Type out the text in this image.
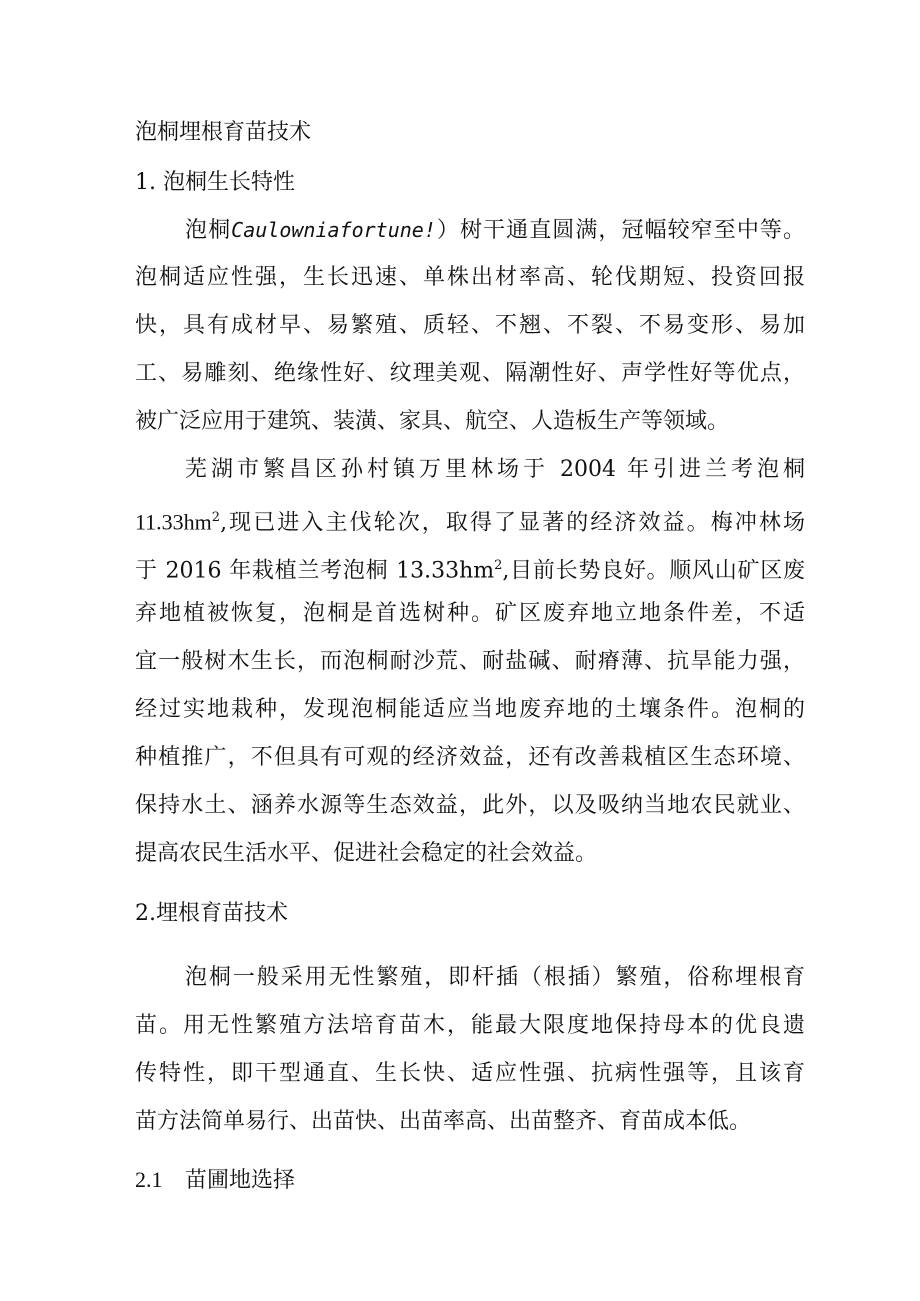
泡桐埋根育苗技术
1. 泡桐生长特性
泡桐Caulowniafortune!）树干通直圆满，冠幅较窄至中等。
泡桐适应性强，生长迅速、单株出材率高、轮伐期短、投资回报
快，具有成材早、易繁殖、质轻、不翘、不裂、不易变形、易加
工、易雕刻、绝缘性好、纹理美观、隔潮性好、声学性好等优点，
被广泛应用于建筑、装潢、家具、航空、人造板生产等领域。
芜湖市繁昌区孙村镇万里林场于 2004 年引进兰考泡桐
$11.33hm^2$,现已进入主伐轮次，取得了显著的经济效益。梅冲林场
于 2016 年栽植兰考泡桐 $13.33hm^2$,目前长势良好。顺风山矿区废
弃地植被恢复，泡桐是首选树种。矿区废弃地立地条件差，不适
宜一般树木生长，而泡桐耐沙荒、耐盐碱、耐瘠薄、抗旱能力强，
经过实地栽种，发现泡桐能适应当地废弃地的土壤条件。泡桐的
种植推广，不但具有可观的经济效益，还有改善栽植区生态环境、
保持水土、涵养水源等生态效益，此外，以及吸纳当地农民就业、
提高农民生活水平、促进社会稳定的社会效益。
2.埋根育苗技术
泡桐一般采用无性繁殖，即杆插（根插）繁殖，俗称埋根育
苗。用无性繁殖方法培育苗木，能最大限度地保持母本的优良遗
传特性，即干型通直、生长快、适应性强、抗病性强等，且该育
苗方法简单易行、出苗快、出苗率高、出苗整齐、育苗成本低。
2.1 苗圃地选择
